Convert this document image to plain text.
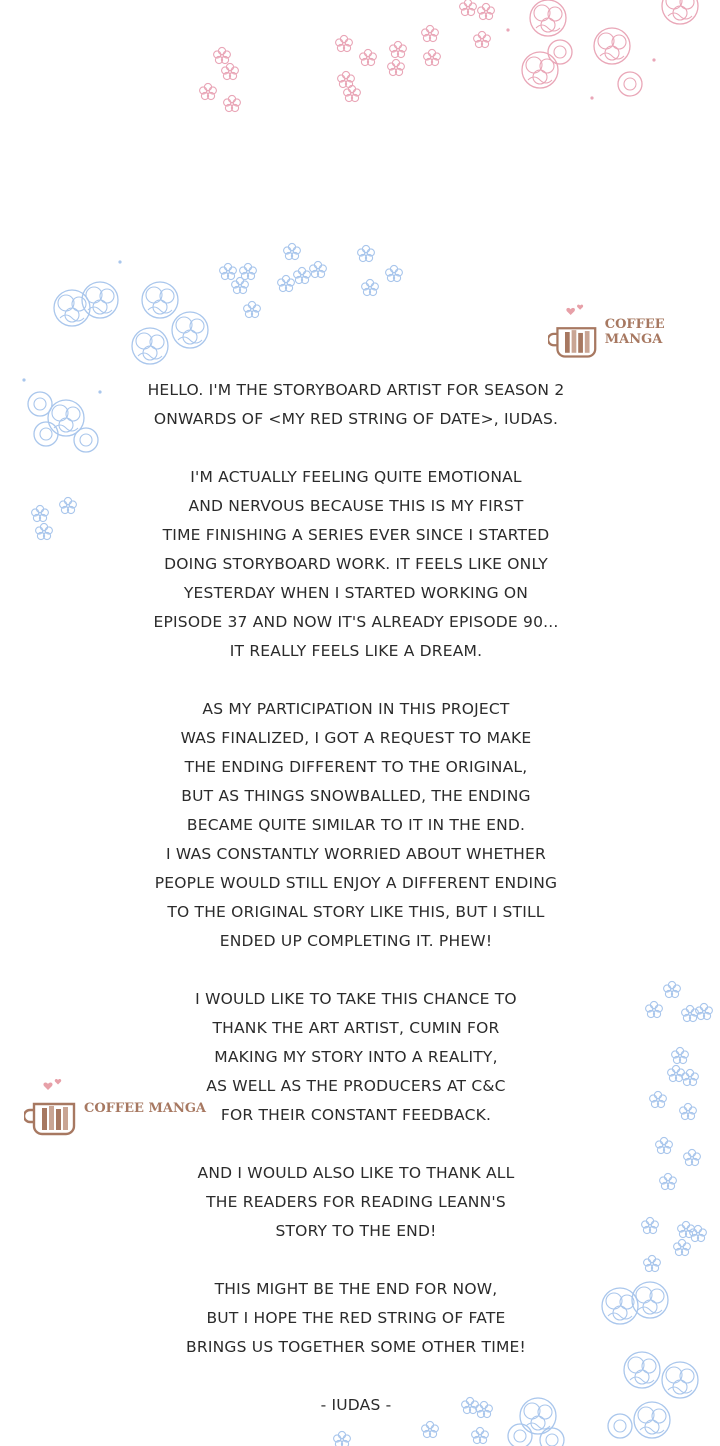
COFFEE MANGA
COFFEE MANGA
HELLO. I'M THE STORYBOARD ARTIST FOR SEASON 2
ONWARDS OF <MY RED STRING OF DATE>, IUDAS.
I'M ACTUALLY FEELING QUITE EMOTIONAL
AND NERVOUS BECAUSE THIS IS MY FIRST
TIME FINISHING A SERIES EVER SINCE I STARTED
DOING STORYBOARD WORK. IT FEELS LIKE ONLY
YESTERDAY WHEN I STARTED WORKING ON
EPISODE 37 AND NOW IT'S ALREADY EPISODE 90...
IT REALLY FEELS LIKE A DREAM.
AS MY PARTICIPATION IN THIS PROJECT
WAS FINALIZED, I GOT A REQUEST TO MAKE
THE ENDING DIFFERENT TO THE ORIGINAL,
BUT AS THINGS SNOWBALLED, THE ENDING
BECAME QUITE SIMILAR TO IT IN THE END.
I WAS CONSTANTLY WORRIED ABOUT WHETHER
PEOPLE WOULD STILL ENJOY A DIFFERENT ENDING
TO THE ORIGINAL STORY LIKE THIS, BUT I STILL
ENDED UP COMPLETING IT. PHEW!
I WOULD LIKE TO TAKE THIS CHANCE TO
THANK THE ART ARTIST, CUMIN FOR
MAKING MY STORY INTO A REALITY,
AS WELL AS THE PRODUCERS AT C&C
FOR THEIR CONSTANT FEEDBACK.
AND I WOULD ALSO LIKE TO THANK ALL
THE READERS FOR READING LEANN'S
STORY TO THE END!
THIS MIGHT BE THE END FOR NOW,
BUT I HOPE THE RED STRING OF FATE
BRINGS US TOGETHER SOME OTHER TIME!
- IUDAS -
